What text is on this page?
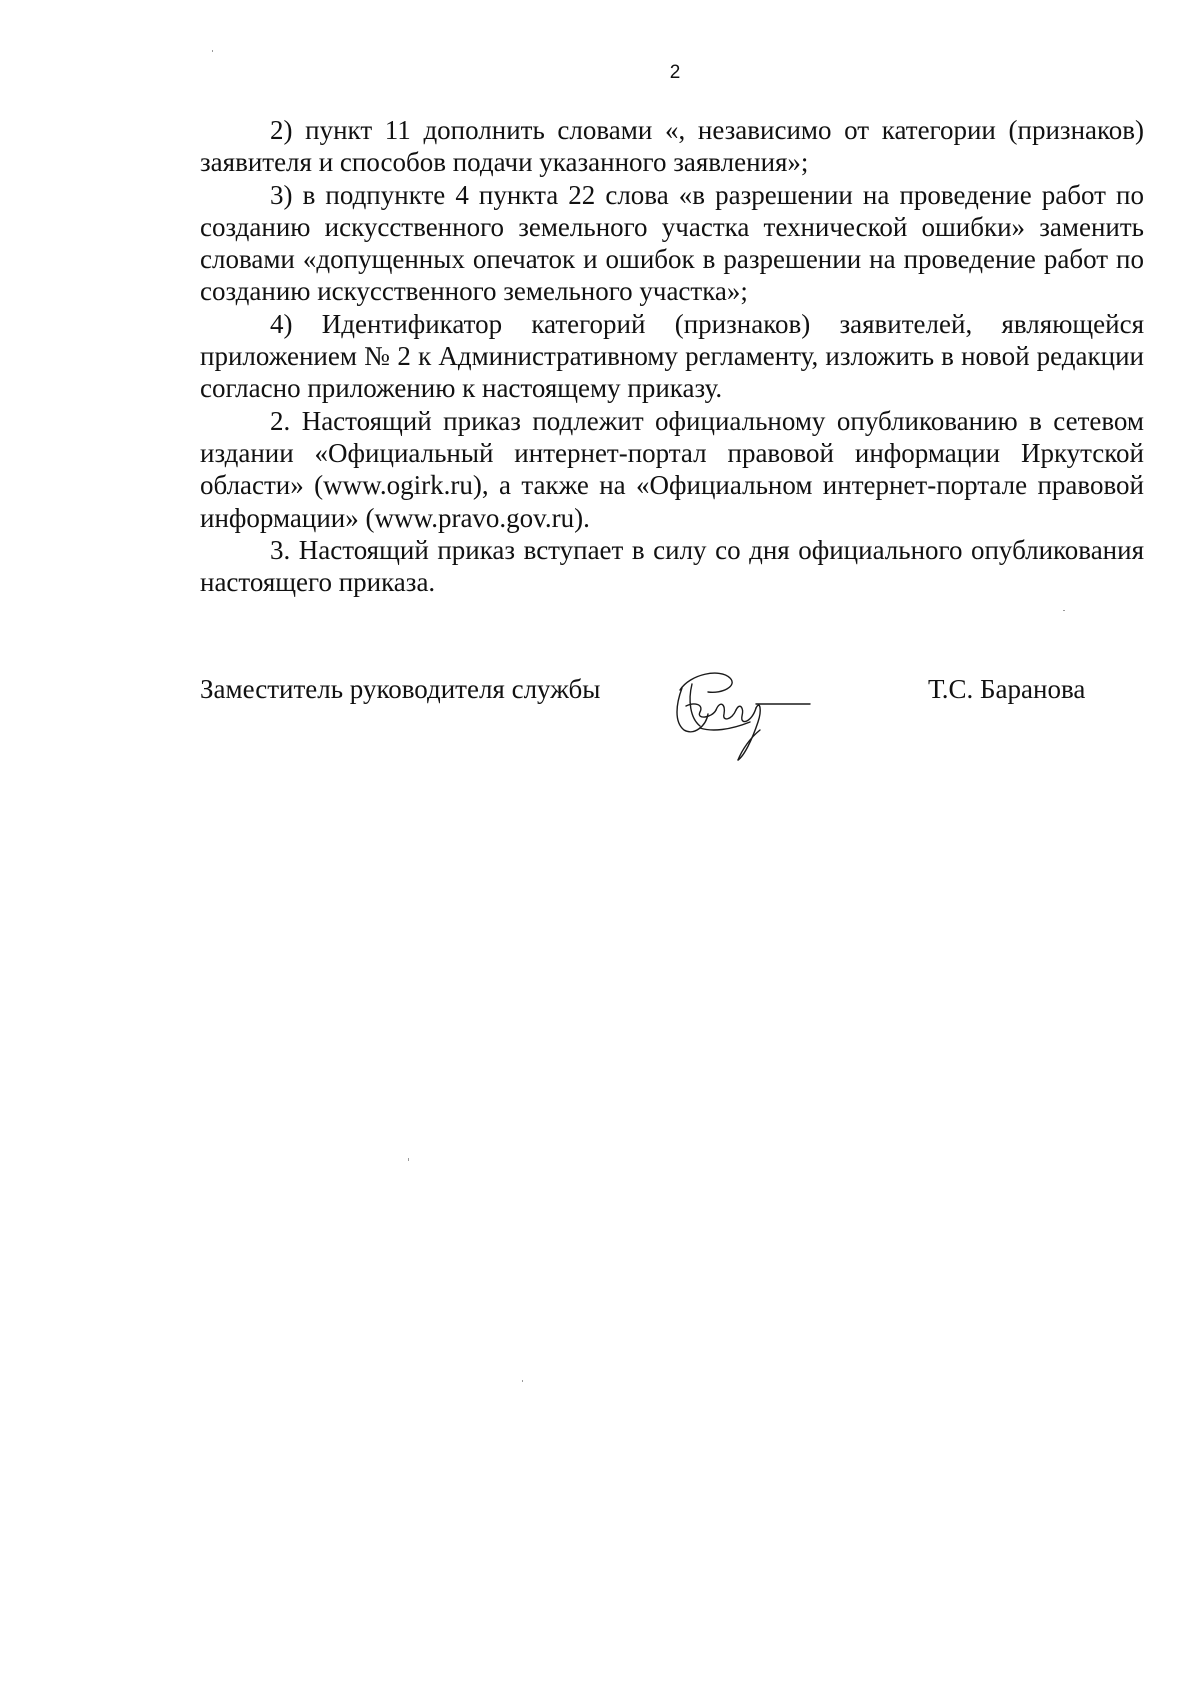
2

2) пункт 11 дополнить словами «, независимо от категории (признаков) заявителя и способов подачи указанного заявления»;

3) в подпункте 4 пункта 22 слова «в разрешении на проведение работ по созданию искусственного земельного участка технической ошибки» заменить словами «допущенных опечаток и ошибок в разрешении на проведение работ по созданию искусственного земельного участка»;

4) Идентификатор категорий (признаков) заявителей, являющейся приложением № 2 к Административному регламенту, изложить в новой редакции согласно приложению к настоящему приказу.

2. Настоящий приказ подлежит официальному опубликованию в сетевом издании «Официальный интернет-портал правовой информации Иркутской области» (www.ogirk.ru), а также на «Официальном интернет-портале правовой информации» (www.pravo.gov.ru).

3. Настоящий приказ вступает в силу со дня официального опубликования настоящего приказа.

Заместитель руководителя службы	Т.С. Баранова
